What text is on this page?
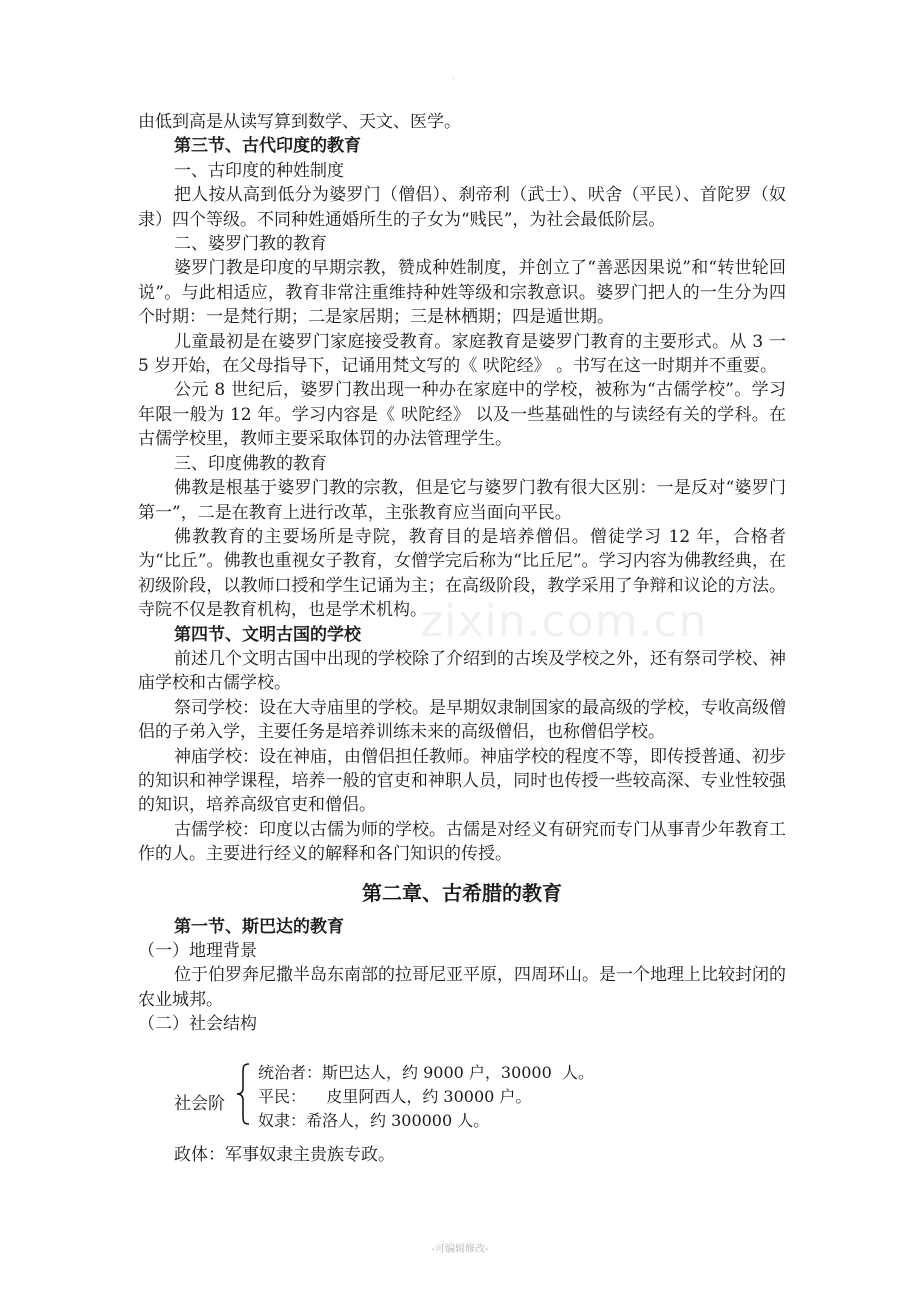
.
zixin.com.cn

由低到高是从读写算到数学、天文、医学。

第三节、古代印度的教育

一、古印度的种姓制度

把人按从高到低分为婆罗门（僧侣）、刹帝利（武士）、吠舍（平民）、首陀罗（奴隶）四个等级。不同种姓通婚所生的子女为“贱民”，为社会最低阶层。

二、婆罗门教的教育

婆罗门教是印度的早期宗教，赞成种姓制度，并创立了“善恶因果说”和“转世轮回说”。与此相适应，教育非常注重维持种姓等级和宗教意识。婆罗门把人的一生分为四个时期：一是梵行期；二是家居期；三是林栖期；四是遁世期。

儿童最初是在婆罗门家庭接受教育。家庭教育是婆罗门教育的主要形式。从 3 一 5 岁开始，在父母指导下，记诵用梵文写的《 吠陀经》 。书写在这一时期并不重要。

公元 8 世纪后，婆罗门教出现一种办在家庭中的学校，被称为“古儒学校”。学习年限一般为 12 年。学习内容是《 吠陀经》 以及一些基础性的与读经有关的学科。在古儒学校里，教师主要采取体罚的办法管理学生。

三、印度佛教的教育

佛教是根基于婆罗门教的宗教，但是它与婆罗门教有很大区别：一是反对“婆罗门第一”，二是在教育上进行改革，主张教育应当面向平民。

佛教教育的主要场所是寺院，教育目的是培养僧侣。僧徒学习 12 年，合格者为“比丘”。佛教也重视女子教育，女僧学完后称为“比丘尼”。学习内容为佛教经典，在初级阶段，以教师口授和学生记诵为主；在高级阶段，教学采用了争辩和议论的方法。寺院不仅是教育机构，也是学术机构。

第四节、文明古国的学校

前述几个文明古国中出现的学校除了介绍到的古埃及学校之外，还有祭司学校、神庙学校和古儒学校。

祭司学校：设在大寺庙里的学校。是早期奴隶制国家的最高级的学校，专收高级僧侣的子弟入学，主要任务是培养训练未来的高级僧侣，也称僧侣学校。

神庙学校：设在神庙，由僧侣担任教师。神庙学校的程度不等，即传授普通、初步的知识和神学课程，培养一般的官吏和神职人员，同时也传授一些较高深、专业性较强的知识，培养高级官吏和僧侣。

古儒学校：印度以古儒为师的学校。古儒是对经义有研究而专门从事青少年教育工作的人。主要进行经义的解释和各门知识的传授。

第二章、古希腊的教育

第一节、斯巴达的教育

（一）地理背景

位于伯罗奔尼撒半岛东南部的拉哥尼亚平原，四周环山。是一个地理上比较封闭的农业城邦。

（二）社会结构

社会阶
统治者：斯巴达人，约 9000 户，30000  人。
平民：    皮里阿西人，约 30000 户。
奴隶：希洛人，约 300000 人。

政体：军事奴隶主贵族专政。

-可编辑修改-
